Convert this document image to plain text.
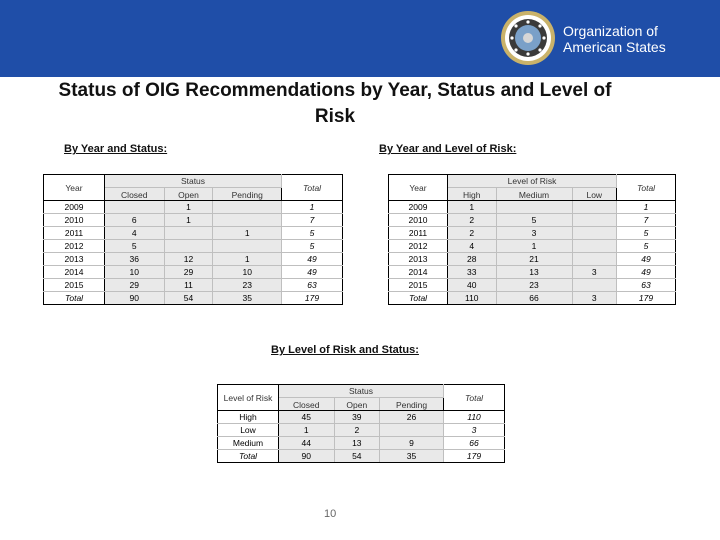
Organization of
American States
Status of OIG Recommendations by Year, Status and Level of
Risk
By Year and Status:	By Year and Level of Risk:
By Level of Risk and Status:
Year	Status			Total
	Closed	Open	Pending	
2009		1		1
2010	6	1		7
2011	4		1	5
2012	5			5
2013	36	12	1	49
2014	10	29	10	49
2015	29	11	23	63
Total	90	54	35	179
Year	Level of Risk			Total
	High	Medium	Low	
2009	1			1
2010	2	5		7
2011	2	3		5
2012	4	1		5
2013	28	21		49
2014	33	13	3	49
2015	40	23		63
Total	110	66	3	179
Level of Risk	Status			Total
	Closed	Open	Pending	
High	45	39	26	110
Low	1	2		3
Medium	44	13	9	66
Total	90	54	35	179
10
